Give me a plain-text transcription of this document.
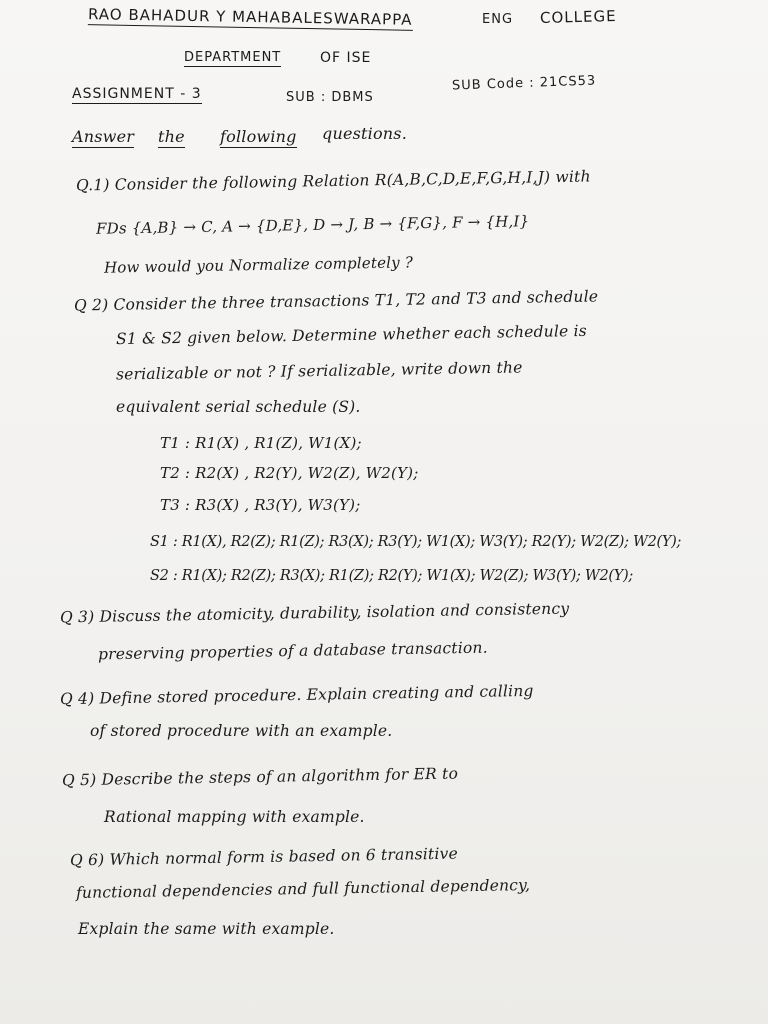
RAO BAHADUR Y MAHABALESWARAPPA	ENG COLLEGE
DEPARTMENT	OF ISE
ASSIGNMENT - 3	SUB : DBMS
SUB Code : 21CS53
Answer the following questions.
Q.1) Consider the following Relation R(A,B,C,D,E,F,G,H,I,J) with
FDs {A,B} → C, A → {D,E}, D → J, B → {F,G}, F → {H,I}
How would you Normalize completely ?
Q 2) Consider the three transactions T1, T2 and T3 and schedule
S1 & S2 given below. Determine whether each schedule is
serializable or not ? If serializable, write down the
equivalent serial schedule (S).
T1 : R1(X) , R1(Z), W1(X);
T2 : R2(X) , R2(Y), W2(Z), W2(Y);
T3 : R3(X) , R3(Y), W3(Y);
S1 : R1(X), R2(Z); R1(Z); R3(X); R3(Y); W1(X); W3(Y); R2(Y); W2(Z); W2(Y);
S2 : R1(X); R2(Z); R3(X); R1(Z); R2(Y); W1(X); W2(Z); W3(Y); W2(Y);
Q 3) Discuss the atomicity, durability, isolation and consistency
preserving properties of a database transaction.
Q 4) Define stored procedure. Explain creating and calling
of stored procedure with an example.
Q 5) Describe the steps of an algorithm for ER to
Rational mapping with example.
Q 6) Which normal form is based on 6 transitive
functional dependencies and full functional dependency,
Explain the same with example.
